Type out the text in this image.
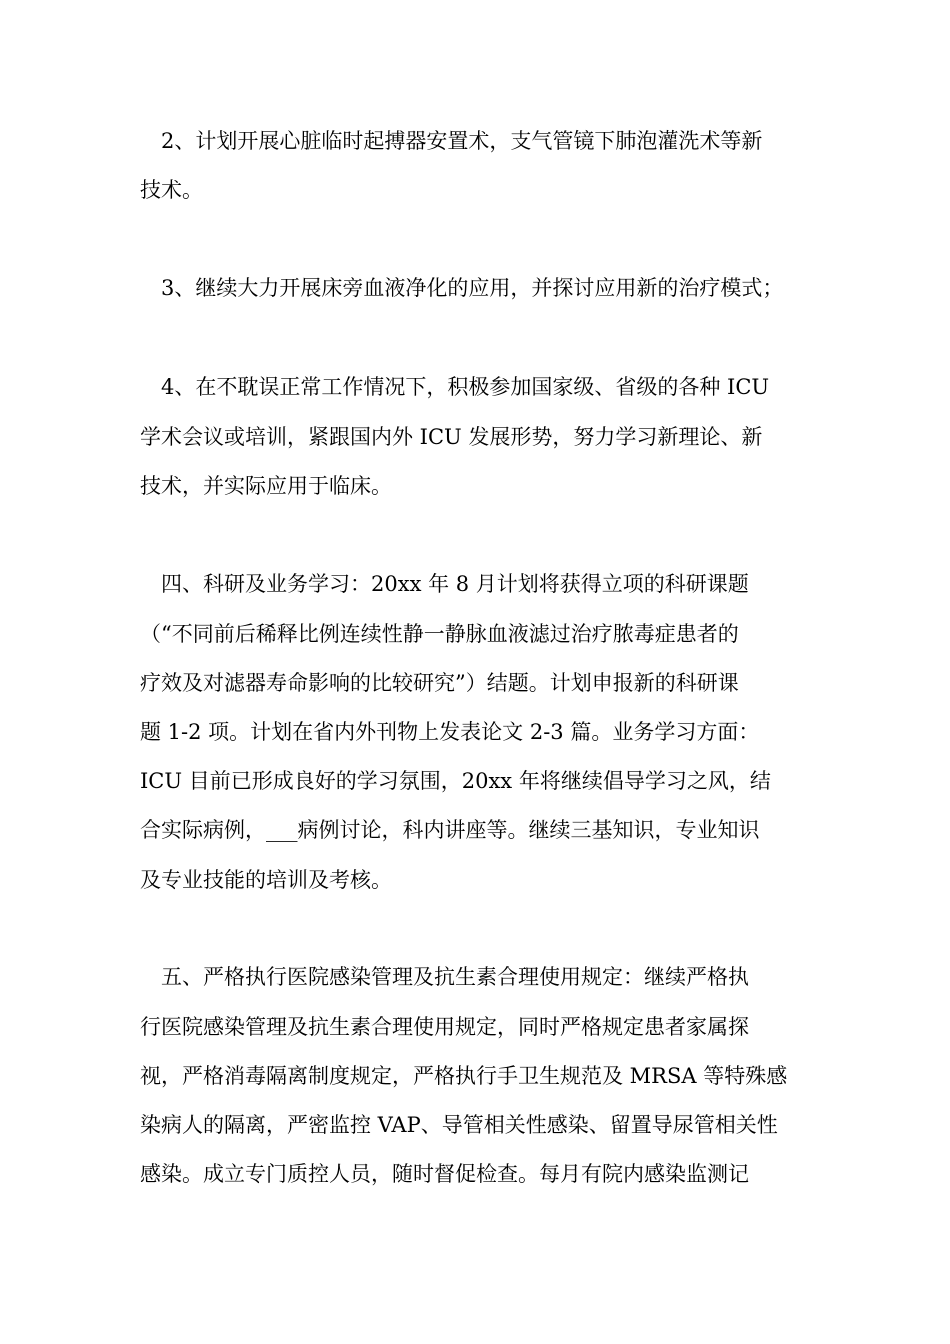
　2、计划开展心脏临时起搏器安置术，支气管镜下肺泡灌洗术等新
技术。
　3、继续大力开展床旁血液净化的应用，并探讨应用新的治疗模式；
　4、在不耽误正常工作情况下，积极参加国家级、省级的各种 ICU
学术会议或培训，紧跟国内外 ICU 发展形势，努力学习新理论、新
技术，并实际应用于临床。
　四、科研及业务学习：20xx 年 8 月计划将获得立项的科研课题
（“不同前后稀释比例连续性静一静脉血液滤过治疗脓毒症患者的
疗效及对滤器寿命影响的比较研究”）结题。计划申报新的科研课
题 1-2 项。计划在省内外刊物上发表论文 2-3 篇。业务学习方面：
ICU 目前已形成良好的学习氛围，20xx 年将继续倡导学习之风，结
合实际病例，___病例讨论，科内讲座等。继续三基知识，专业知识
及专业技能的培训及考核。
　五、严格执行医院感染管理及抗生素合理使用规定：继续严格执
行医院感染管理及抗生素合理使用规定，同时严格规定患者家属探
视，严格消毒隔离制度规定，严格执行手卫生规范及 MRSA 等特殊感
染病人的隔离，严密监控 VAP、导管相关性感染、留置导尿管相关性
感染。成立专门质控人员，随时督促检查。每月有院内感染监测记
